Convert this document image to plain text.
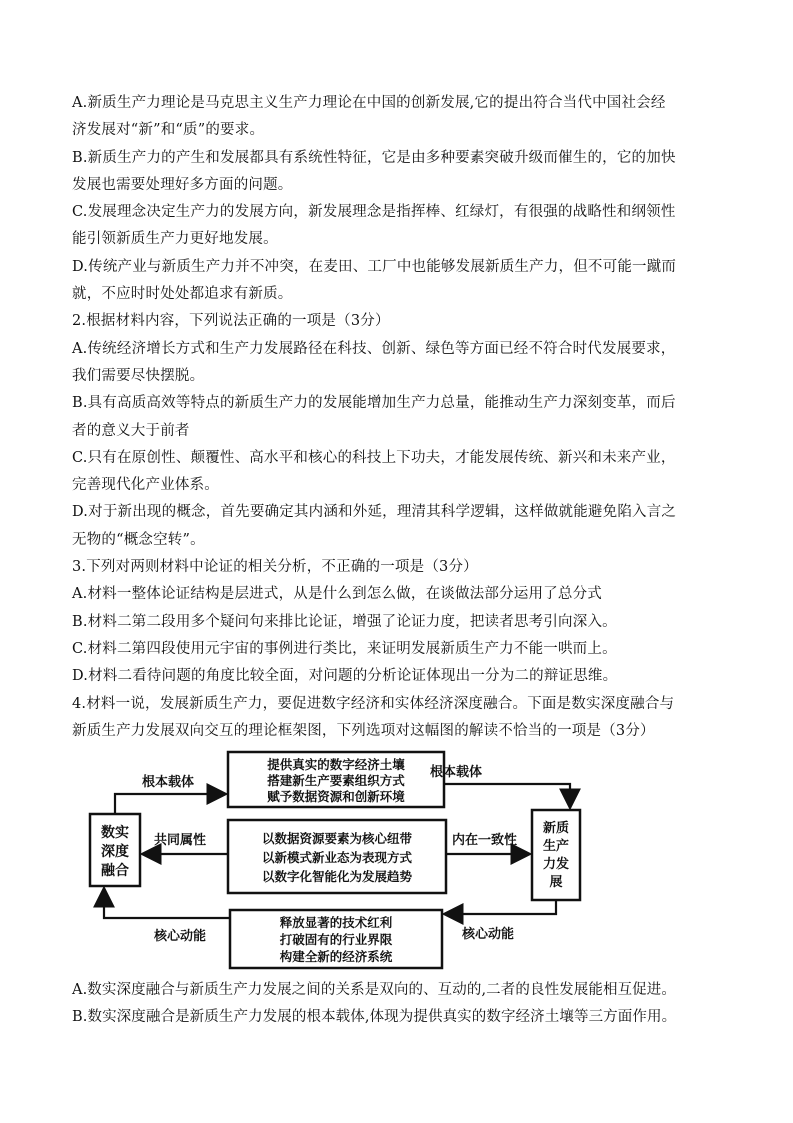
A.新质生产力理论是马克思主义生产力理论在中国的创新发展,它的提出符合当代中国社会经

济发展对“新”和“质”的要求。

B.新质生产力的产生和发展都具有系统性特征，它是由多种要素突破升级而催生的，它的加快

发展也需要处理好多方面的问题。

C.发展理念决定生产力的发展方向，新发展理念是指挥棒、红绿灯，有很强的战略性和纲领性

能引领新质生产力更好地发展。

D.传统产业与新质生产力并不冲突，在麦田、工厂中也能够发展新质生产力，但不可能一蹴而

就，不应时时处处都追求有新质。

2.根据材料内容，下列说法正确的一项是（3分）

A.传统经济增长方式和生产力发展路径在科技、创新、绿色等方面已经不符合时代发展要求，

我们需要尽快摆脱。

B.具有高质高效等特点的新质生产力的发展能增加生产力总量，能推动生产力深刻变革，而后

者的意义大于前者

C.只有在原创性、颠覆性、高水平和核心的科技上下功夫，才能发展传统、新兴和未来产业，

完善现代化产业体系。

D.对于新出现的概念，首先要确定其内涵和外延，理清其科学逻辑，这样做就能避免陷入言之

无物的“概念空转”。

3.下列对两则材料中论证的相关分析，不正确的一项是（3分）

A.材料一整体论证结构是层进式，从是什么到怎么做，在谈做法部分运用了总分式

B.材料二第二段用多个疑问句来排比论证，增强了论证力度，把读者思考引向深入。

C.材料二第四段使用元宇宙的事例进行类比，来证明发展新质生产力不能一哄而上。

D.材料二看待问题的角度比较全面，对问题的分析论证体现出一分为二的辩证思维。

4.材料一说，发展新质生产力，要促进数字经济和实体经济深度融合。下面是数实深度融合与

新质生产力发展双向交互的理论框架图，下列选项对这幅图的解读不恰当的一项是（3分）

数实
深度
融合
新质
生产
力发
展
提供真实的数字经济土壤
搭建新生产要素组织方式
赋予数据资源和创新环境
以数据资源要素为核心纽带
以新模式新业态为表现方式
以数字化智能化为发展趋势
释放显著的技术红利
打破固有的行业界限
构建全新的经济系统
根本载体
根本载体
共同属性	内在一致性
核心动能
核心动能

A.数实深度融合与新质生产力发展之间的关系是双向的、互动的,二者的良性发展能相互促进。

B.数实深度融合是新质生产力发展的根本载体,体现为提供真实的数字经济土壤等三方面作用。
